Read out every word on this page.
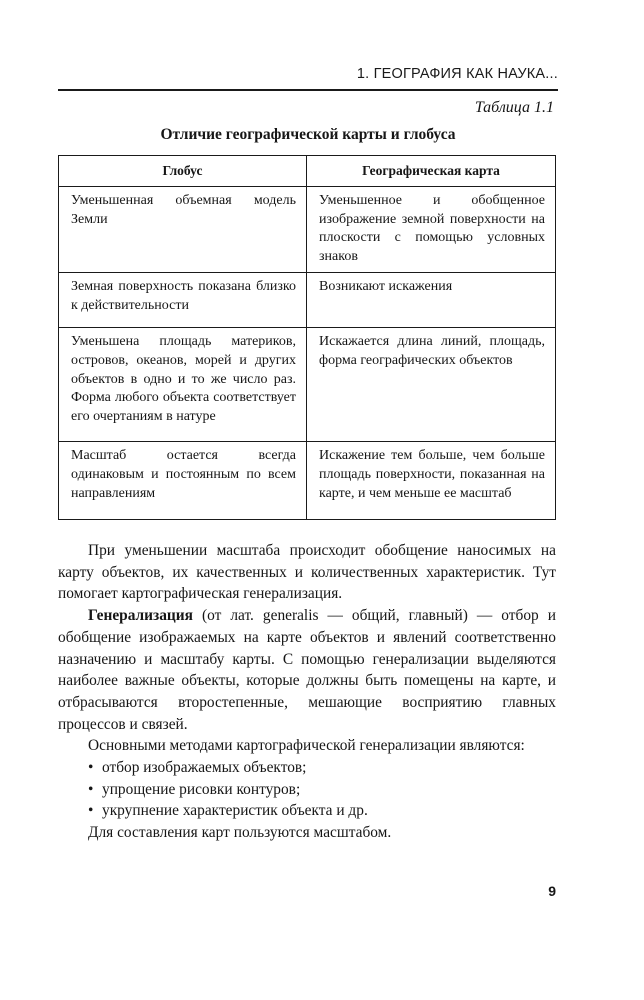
1. ГЕОГРАФИЯ КАК НАУКА...
Таблица 1.1
Отличие географической карты и глобуса
Глобус	Географическая карта

Уменьшенная объемная модель Земли	Уменьшенное и обобщенное изображение земной поверхности на плоскости с помощью условных знаков

Земная поверхность показана близко к действительности	Возникают искажения

Уменьшена площадь материков, островов, океанов, морей и других объектов в одно и то же число раз. Форма любого объекта соответствует его очертаниям в натуре	Искажается длина линий, площадь, форма географических объектов

Масштаб остается всегда одинаковым и постоянным по всем направлениям	Искажение тем больше, чем больше площадь поверхности, показанная на карте, и чем меньше ее масштаб

При уменьшении масштаба происходит обобщение наносимых на карту объектов, их качественных и количественных характеристик. Тут помогает картографическая генерализация.

Генерализация (от лат. generalis — общий, главный) — отбор и обобщение изображаемых на карте объектов и явлений соответственно назначению и масштабу карты. С помощью генерализации выделяются наиболее важные объекты, которые должны быть помещены на карте, и отбрасываются второстепенные, мешающие восприятию главных процессов и связей.

Основными методами картографической генерализации являются:

• отбор изображаемых объектов;
• упрощение рисовки контуров;
• укрупнение характеристик объекта и др.

Для составления карт пользуются масштабом.

9
